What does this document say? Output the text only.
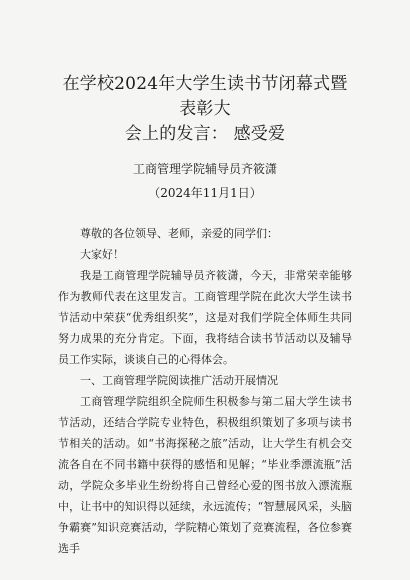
在学校2024年大学生读书节闭幕式暨表彰大
会上的发言： 感受爱
工商管理学院辅导员齐筱潇
（2024年11月1日）

尊敬的各位领导、老师，亲爱的同学们：

大家好！

我是工商管理学院辅导员齐筱潇，今天，非常荣幸能够作为教师代表在这里发言。工商管理学院在此次大学生读书节活动中荣获“优秀组织奖”，这是对我们学院全体师生共同努力成果的充分肯定。下面，我将结合读书节活动以及辅导员工作实际，谈谈自己的心得体会。

一、工商管理学院阅读推广活动开展情况

工商管理学院组织全院师生积极参与第二届大学生读书节活动，还结合学院专业特色，积极组织策划了多项与读书节相关的活动。如“书海探秘之旅”活动，让大学生有机会交流各自在不同书籍中获得的感悟和见解；“毕业季漂流瓶”活动，学院众多毕业生纷纷将自己曾经心爱的图书放入漂流瓶中，让书中的知识得以延续，永远流传；“智慧展风采，头脑争霸赛”知识竞赛活动，学院精心策划了竞赛流程，各位参赛选手
